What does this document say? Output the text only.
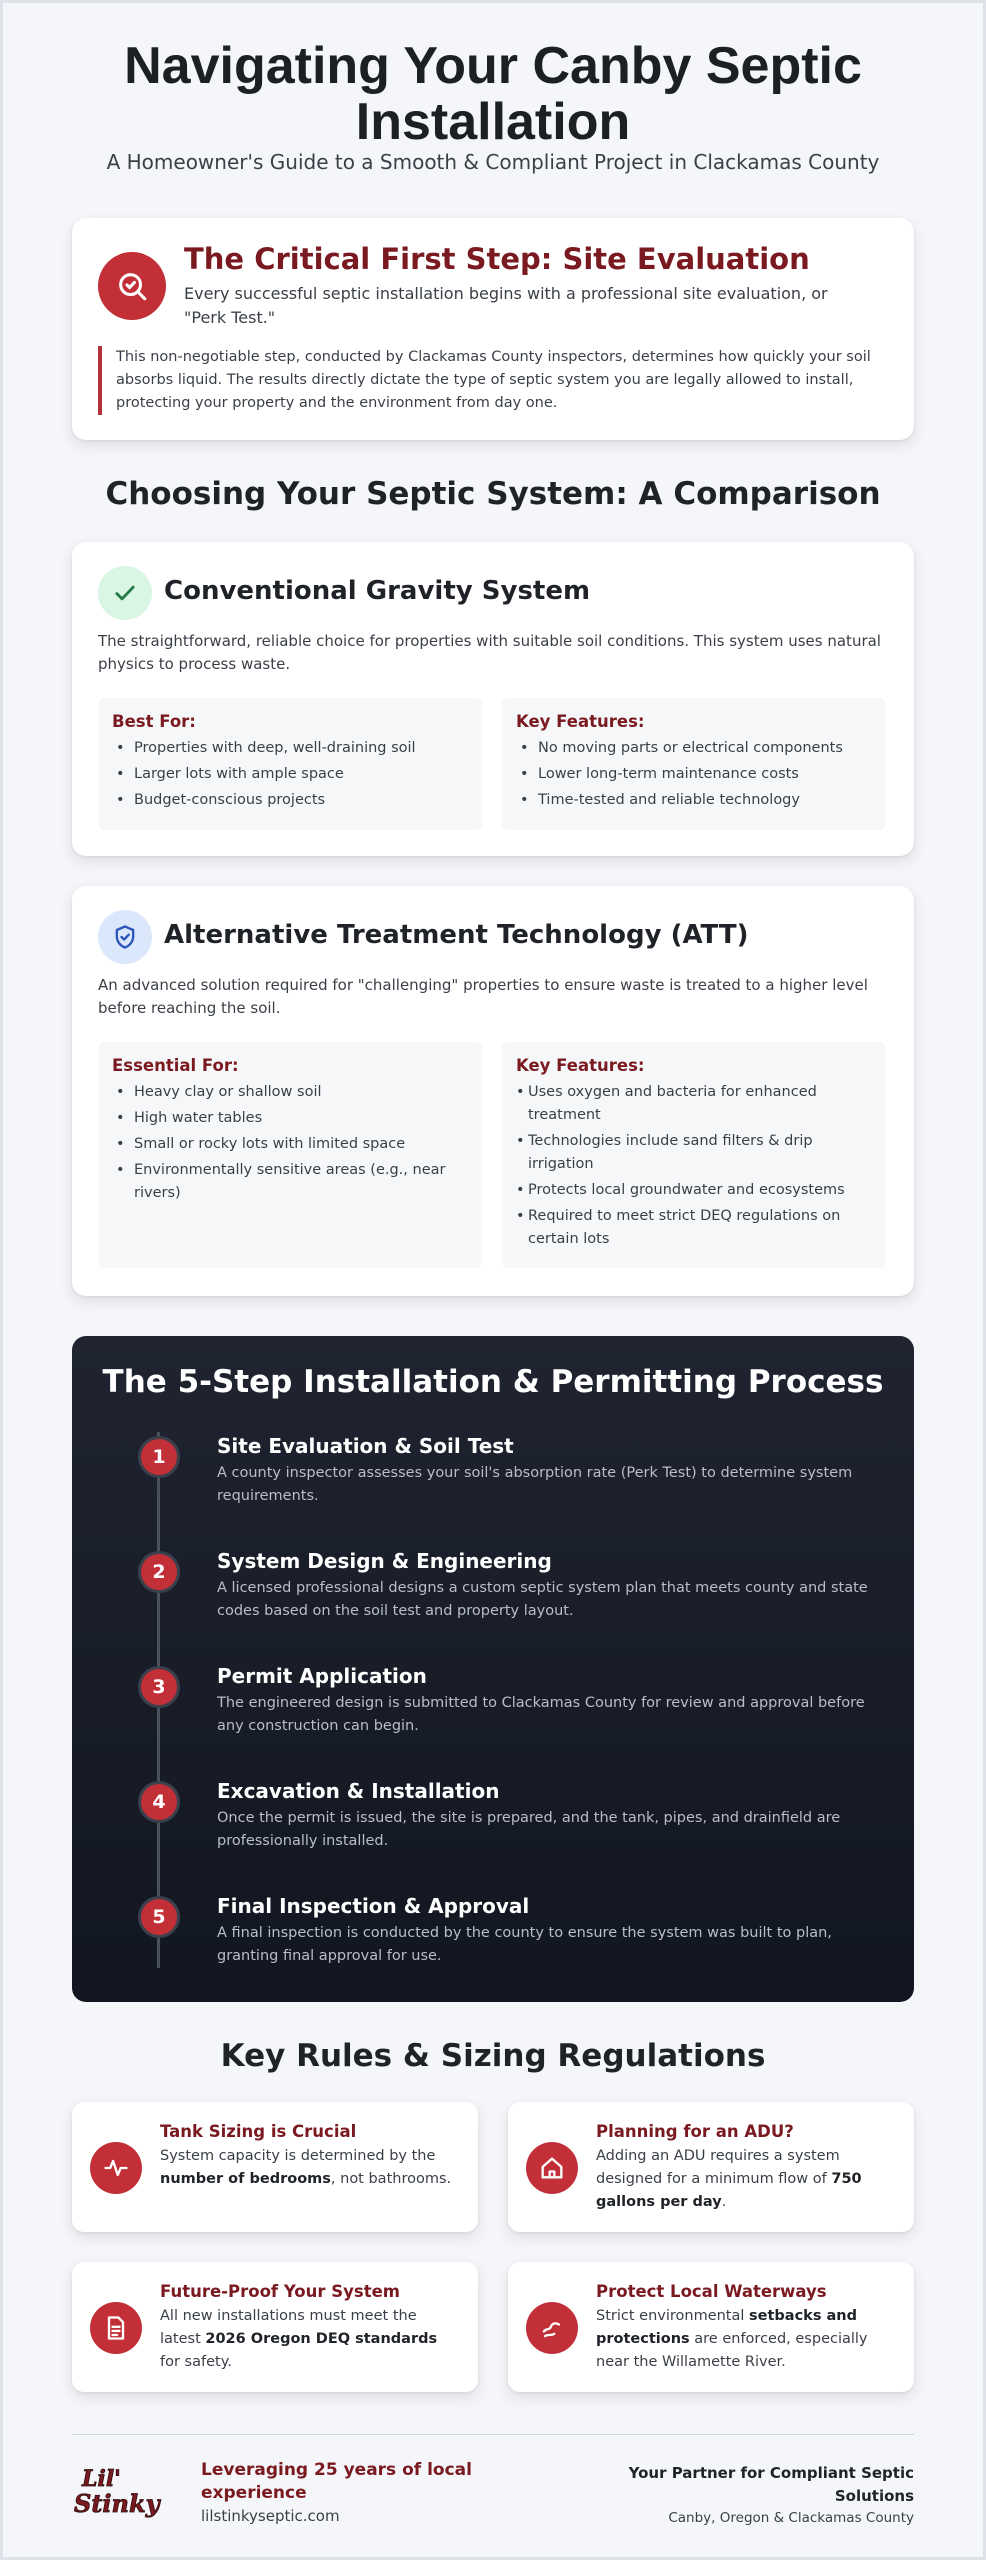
Navigating Your Canby Septic Installation
A Homeowner's Guide to a Smooth & Compliant Project in Clackamas County
The Critical First Step: Site Evaluation

Every successful septic installation begins with a professional site evaluation, or "Perk Test."

This non-negotiable step, conducted by Clackamas County inspectors, determines how quickly your soil absorbs liquid. The results directly dictate the type of septic system you are legally allowed to install, protecting your property and the environment from day one.

Choosing Your Septic System: A Comparison
Conventional Gravity System

The straightforward, reliable choice for properties with suitable soil conditions. This system uses natural physics to process waste.

Best For:
• Properties with deep, well-draining soil
• Larger lots with ample space
• Budget-conscious projects
Key Features:
• No moving parts or electrical components
• Lower long-term maintenance costs
• Time-tested and reliable technology
Alternative Treatment Technology (ATT)

An advanced solution required for "challenging" properties to ensure waste is treated to a higher level before reaching the soil.

Essential For:
• Heavy clay or shallow soil
• High water tables
• Small or rocky lots with limited space
• Environmentally sensitive areas (e.g., near rivers)
Key Features:
• Uses oxygen and bacteria for enhanced treatment
• Technologies include sand filters & drip irrigation
• Protects local groundwater and ecosystems
• Required to meet strict DEQ regulations on certain lots
The 5-Step Installation & Permitting Process
1	Site Evaluation & Soil Test
A county inspector assesses your soil's absorption rate (Perk Test) to determine system requirements.
2	System Design & Engineering
A licensed professional designs a custom septic system plan that meets county and state codes based on the soil test and property layout.
3	Permit Application
The engineered design is submitted to Clackamas County for review and approval before any construction can begin.
4	Excavation & Installation
Once the permit is issued, the site is prepared, and the tank, pipes, and drainfield are professionally installed.
5	Final Inspection & Approval
A final inspection is conducted by the county to ensure the system was built to plan, granting final approval for use.
Key Rules & Sizing Regulations
Tank Sizing is Crucial
System capacity is determined by the number of bedrooms, not bathrooms.
Planning for an ADU?
Adding an ADU requires a system designed for a minimum flow of 750 gallons per day.
Future-Proof Your System
All new installations must meet the latest 2026 Oregon DEQ standards for safety.
Protect Local Waterways
Strict environmental setbacks and protections are enforced, especially near the Willamette River.
Lil'
Stinky
Leveraging 25 years of local experience
lilstinkyseptic.com
Your Partner for Compliant Septic Solutions
Canby, Oregon & Clackamas County
